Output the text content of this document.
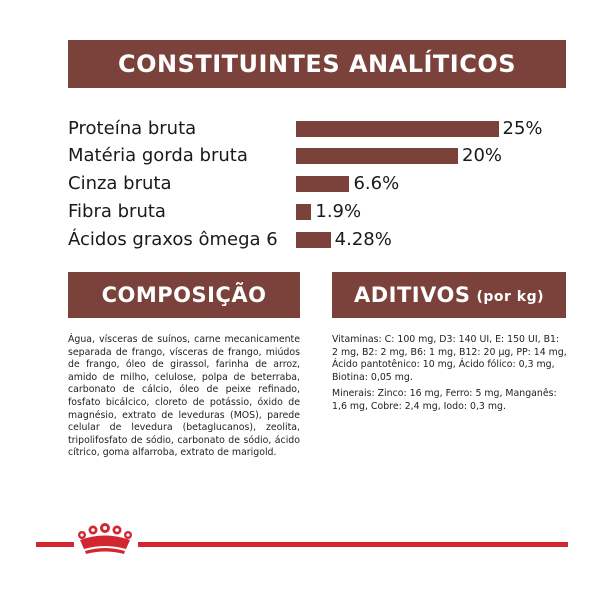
CONSTITUINTES ANALÍTICOS
Proteína bruta	25%
Matéria gorda bruta	20%
Cinza bruta	6.6%
Fibra bruta	1.9%
Ácidos graxos ômega 6	4.28%
COMPOSIÇÃO	ADITIVOS (por kg)
Água, vísceras de suínos, carne mecanicamente separada de frango, vísceras de frango, miúdos de frango, óleo de girassol, farinha de arroz, amido de milho, celulose, polpa de beterraba, carbonato de cálcio, óleo de peixe refinado, fosfato bicálcico, cloreto de potássio, óxido de magnésio, extrato de leveduras (MOS), parede celular de levedura (betaglucanos), zeolita, tripolifosfato de sódio, carbonato de sódio, ácido cítrico, goma alfarroba, extrato de marigold.

Vitaminas: C: 100 mg, D3: 140 UI, E: 150 UI, B1: 2 mg, B2: 2 mg, B6: 1 mg, B12: 20 µg, PP: 14 mg, Ácido pantotênico: 10 mg, Ácido fólico: 0,3 mg, Biotina: 0,05 mg.

Minerais: Zinco: 16 mg, Ferro: 5 mg, Manganês: 1,6 mg, Cobre: 2,4 mg, Iodo: 0,3 mg.
